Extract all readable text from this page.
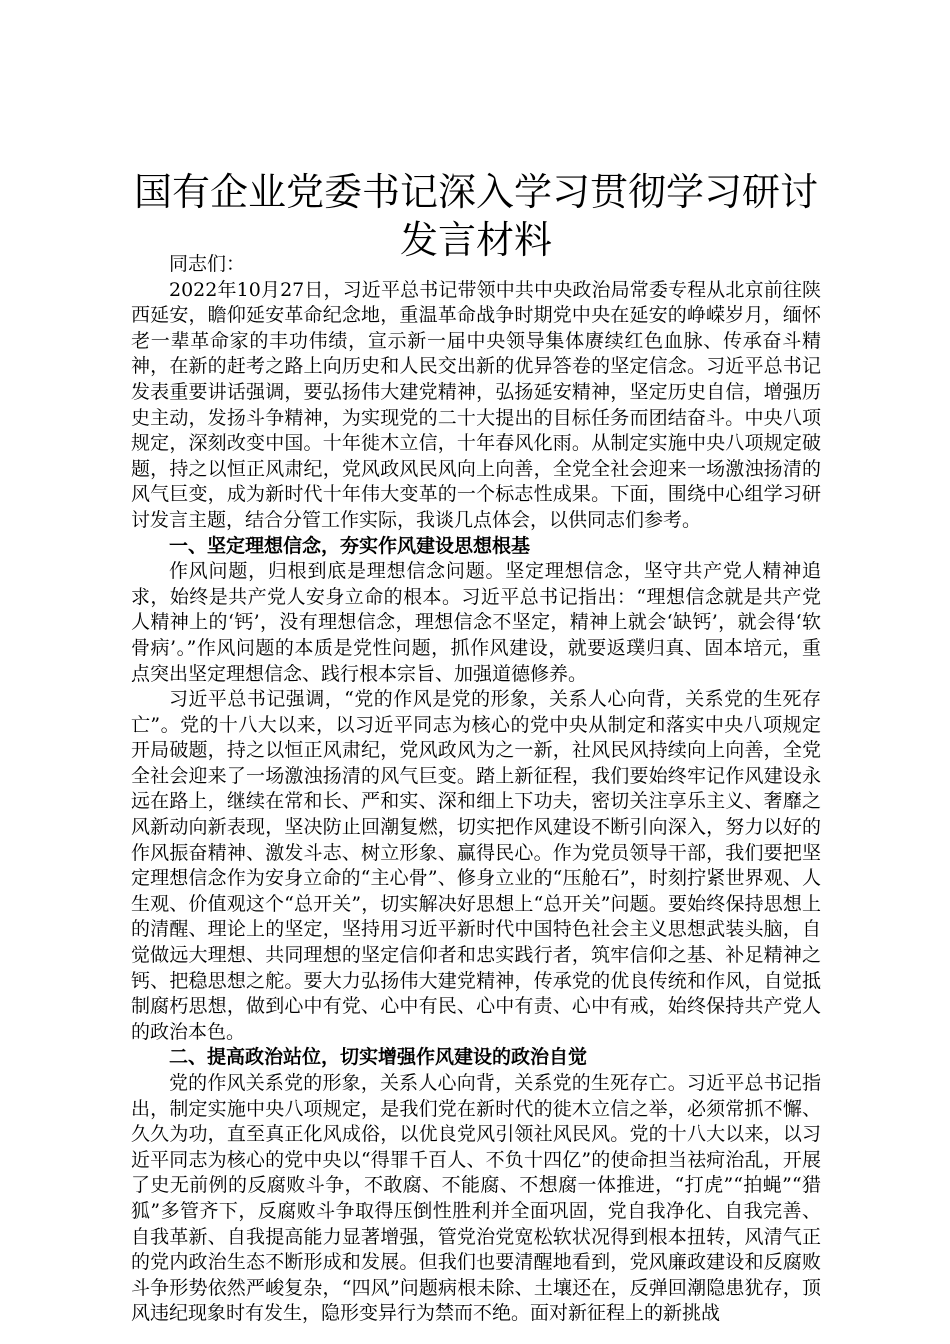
国有企业党委书记深入学习贯彻学习研讨发言材料

同志们：

2022年10月27日，习近平总书记带领中共中央政治局常委专程从北京前往陕西延安，瞻仰延安革命纪念地，重温革命战争时期党中央在延安的峥嵘岁月，缅怀老一辈革命家的丰功伟绩，宣示新一届中央领导集体赓续红色血脉、传承奋斗精神，在新的赶考之路上向历史和人民交出新的优异答卷的坚定信念。习近平总书记发表重要讲话强调，要弘扬伟大建党精神，弘扬延安精神，坚定历史自信，增强历史主动，发扬斗争精神，为实现党的二十大提出的目标任务而团结奋斗。中央八项规定，深刻改变中国。十年徙木立信，十年春风化雨。从制定实施中央八项规定破题，持之以恒正风肃纪，党风政风民风向上向善，全党全社会迎来一场激浊扬清的风气巨变，成为新时代十年伟大变革的一个标志性成果。下面，围绕中心组学习研讨发言主题，结合分管工作实际，我谈几点体会，以供同志们参考。

一、坚定理想信念，夯实作风建设思想根基

作风问题，归根到底是理想信念问题。坚定理想信念，坚守共产党人精神追求，始终是共产党人安身立命的根本。习近平总书记指出：“理想信念就是共产党人精神上的‘钙’，没有理想信念，理想信念不坚定，精神上就会‘缺钙’，就会得‘软骨病’。”作风问题的本质是党性问题，抓作风建设，就要返璞归真、固本培元，重点突出坚定理想信念、践行根本宗旨、加强道德修养。

习近平总书记强调，“党的作风是党的形象，关系人心向背，关系党的生死存亡”。党的十八大以来，以习近平同志为核心的党中央从制定和落实中央八项规定开局破题，持之以恒正风肃纪，党风政风为之一新，社风民风持续向上向善，全党全社会迎来了一场激浊扬清的风气巨变。踏上新征程，我们要始终牢记作风建设永远在路上，继续在常和长、严和实、深和细上下功夫，密切关注享乐主义、奢靡之风新动向新表现，坚决防止回潮复燃，切实把作风建设不断引向深入，努力以好的作风振奋精神、激发斗志、树立形象、赢得民心。作为党员领导干部，我们要把坚定理想信念作为安身立命的“主心骨”、修身立业的“压舱石”，时刻拧紧世界观、人生观、价值观这个“总开关”，切实解决好思想上“总开关”问题。要始终保持思想上的清醒、理论上的坚定，坚持用习近平新时代中国特色社会主义思想武装头脑，自觉做远大理想、共同理想的坚定信仰者和忠实践行者，筑牢信仰之基、补足精神之钙、把稳思想之舵。要大力弘扬伟大建党精神，传承党的优良传统和作风，自觉抵制腐朽思想，做到心中有党、心中有民、心中有责、心中有戒，始终保持共产党人的政治本色。

二、提高政治站位，切实增强作风建设的政治自觉

党的作风关系党的形象，关系人心向背，关系党的生死存亡。习近平总书记指出，制定实施中央八项规定，是我们党在新时代的徙木立信之举，必须常抓不懈、久久为功，直至真正化风成俗，以优良党风引领社风民风。党的十八大以来，以习近平同志为核心的党中央以“得罪千百人、不负十四亿”的使命担当祛疴治乱，开展了史无前例的反腐败斗争，不敢腐、不能腐、不想腐一体推进，“打虎”“拍蝇”“猎狐”多管齐下，反腐败斗争取得压倒性胜利并全面巩固，党自我净化、自我完善、自我革新、自我提高能力显著增强，管党治党宽松软状况得到根本扭转，风清气正的党内政治生态不断形成和发展。但我们也要清醒地看到，党风廉政建设和反腐败斗争形势依然严峻复杂，“四风”问题病根未除、土壤还在，反弹回潮隐患犹存，顶风违纪现象时有发生，隐形变异行为禁而不绝。面对新征程上的新挑战
